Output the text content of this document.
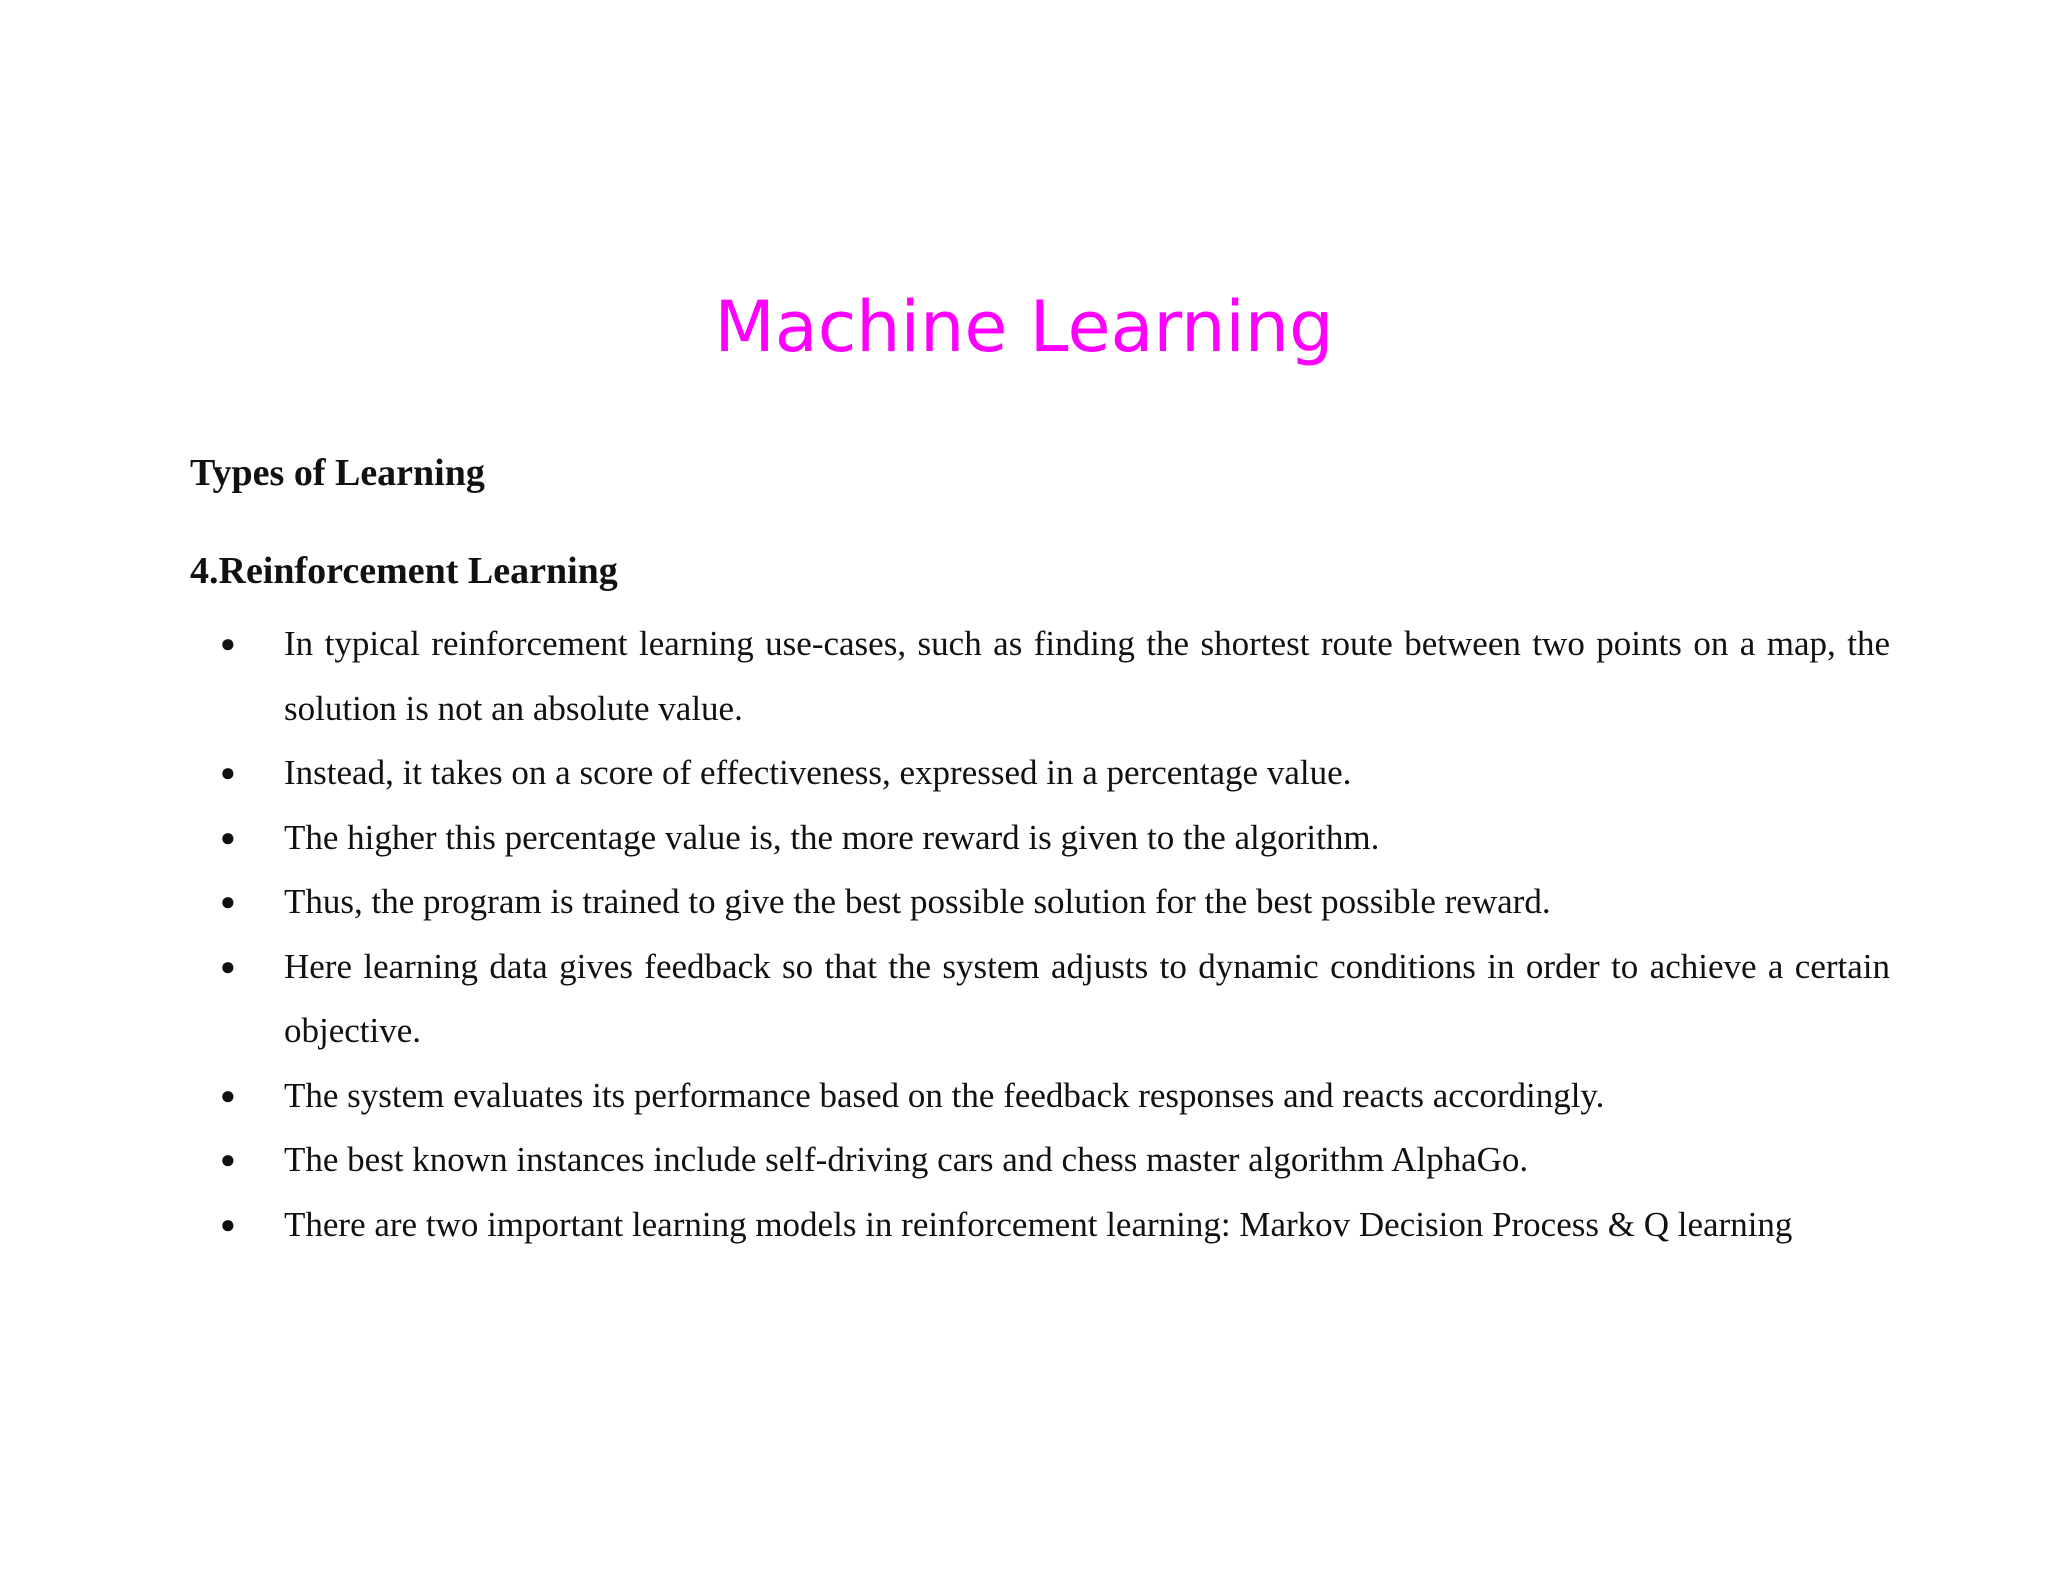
Machine Learning
Types of Learning
4.Reinforcement Learning
● In typical reinforcement learning use-cases, such as finding the shortest route between two points on a map, the solution is not an absolute value.
● Instead, it takes on a score of effectiveness, expressed in a percentage value.
● The higher this percentage value is, the more reward is given to the algorithm.
● Thus, the program is trained to give the best possible solution for the best possible reward.
● Here learning data gives feedback so that the system adjusts to dynamic conditions in order to achieve a certain objective.
● The system evaluates its performance based on the feedback responses and reacts accordingly.
● The best known instances include self-driving cars and chess master algorithm AlphaGo.
● There are two important learning models in reinforcement learning: Markov Decision Process & Q learning
